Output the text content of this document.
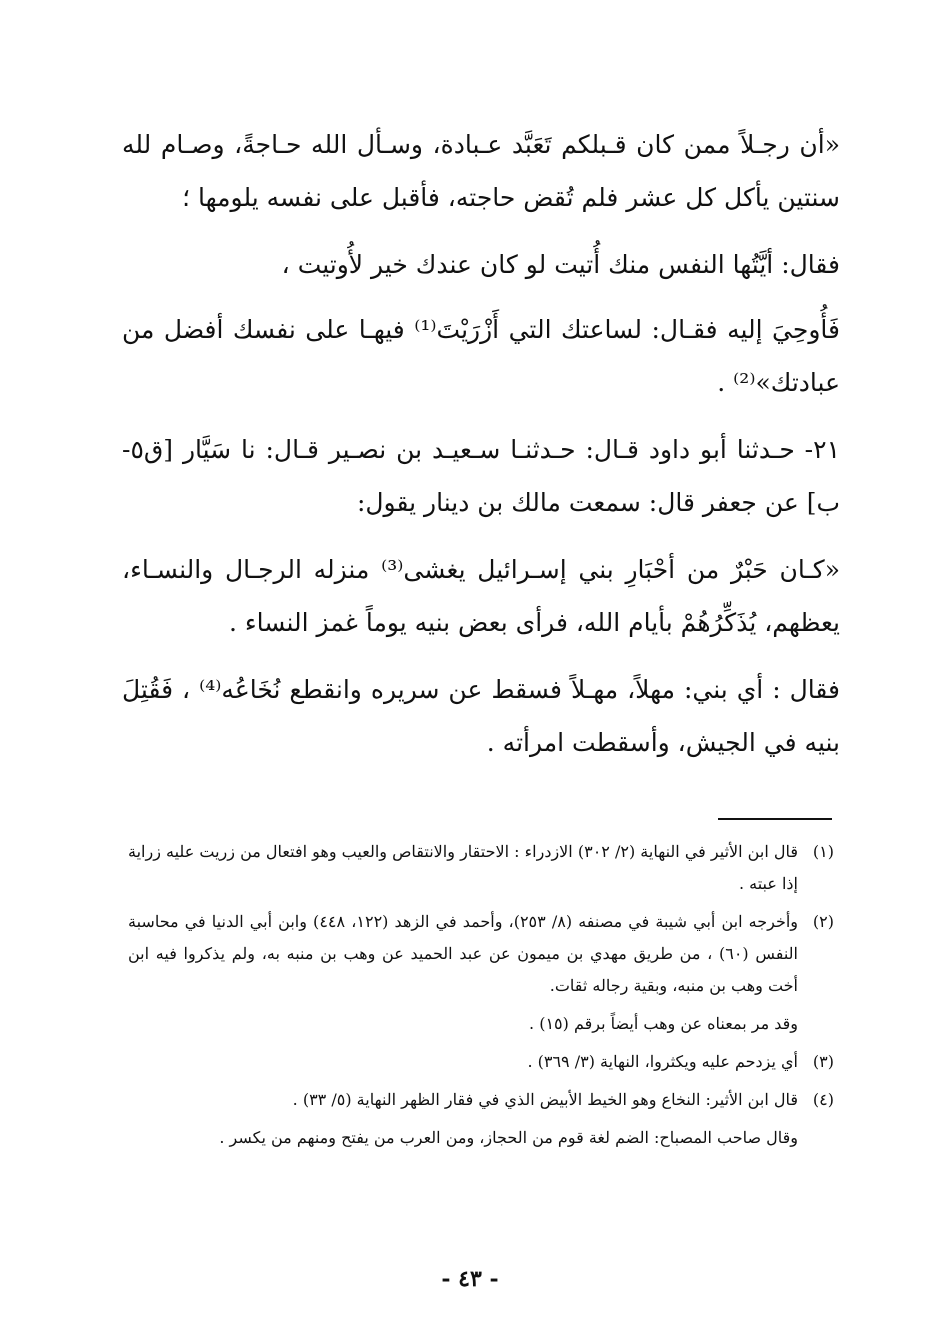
«أن رجـلاً ممن كان قـبلكم تَعَبَّد عـبادة، وسـأل الله حـاجةً، وصـام لله سنتين يأكل كل عشر فلم تُقض حاجته، فأقبل على نفسه يلومها ؛

فقال: أيَّتُها النفس منك أُتيت لو كان عندك خير لأُوتيت ،

فَأُوحِيَ إليه فقـال: لساعتك التي أَزْرَيْتَ⁽¹⁾ فيهـا على نفسك أفضل من عبادتك»⁽²⁾ .

٢١- حـدثنا أبو داود قـال: حـدثنـا سـعيـد بن نصـير قـال: نا سَيَّار [ق٥-ب] عن جعفر قال: سمعت مالك بن دينار يقول:

«كـان حَبْرٌ من أحْبَارِ بني إسـرائيل يغشى⁽³⁾ منزله الرجـال والنسـاء، يعظهم، يُذَكِّرُهُمْ بأيام الله، فرأى بعض بنيه يوماً غمز النساء .

فقال : أي بني: مهلاً، مهـلاً فسقط عن سريره وانقطع نُخَاعُه⁽⁴⁾ ، فَقُتِلَ بنيه في الجيش، وأسقطت امرأته .

(١)
قال ابن الأثير في النهاية (٢/ ٣٠٢) الازدراء : الاحتقار والانتقاص والعيب وهو افتعال من زريت عليه زراية إذا عبته .
(٢)
وأخرجه ابن أبي شيبة في مصنفه (٨/ ٢٥٣)، وأحمد في الزهد (١٢٢، ٤٤٨) وابن أبي الدنيا في محاسبة النفس (٦٠) ، من طريق مهدي بن ميمون عن عبد الحميد عن وهب بن منبه به، ولم يذكروا فيه ابن أخت وهب بن منبه، وبقية رجاله ثقات.
وقد مر بمعناه عن وهب أيضاً برقم (١٥) .
(٣)
أي يزدحم عليه ويكثروا، النهاية (٣/ ٣٦٩) .
(٤)
قال ابن الأثير: النخاع وهو الخيط الأبيض الذي في فقار الظهر النهاية (٥/ ٣٣) .
وقال صاحب المصباح: الضم لغة قوم من الحجاز، ومن العرب من يفتح ومنهم من يكسر .
- ٤٣ -
